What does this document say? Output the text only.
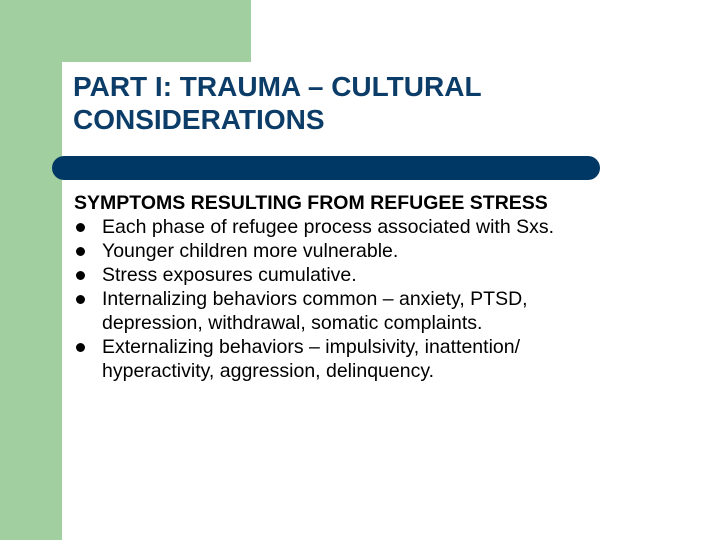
PART I: TRAUMA – CULTURAL
CONSIDERATIONS
SYMPTOMS RESULTING FROM REFUGEE STRESS
Each phase of refugee process associated with Sxs.
Younger children more vulnerable.
Stress exposures cumulative.
Internalizing behaviors common – anxiety, PTSD,
depression, withdrawal, somatic complaints.
Externalizing behaviors – impulsivity, inattention/
hyperactivity, aggression, delinquency.
